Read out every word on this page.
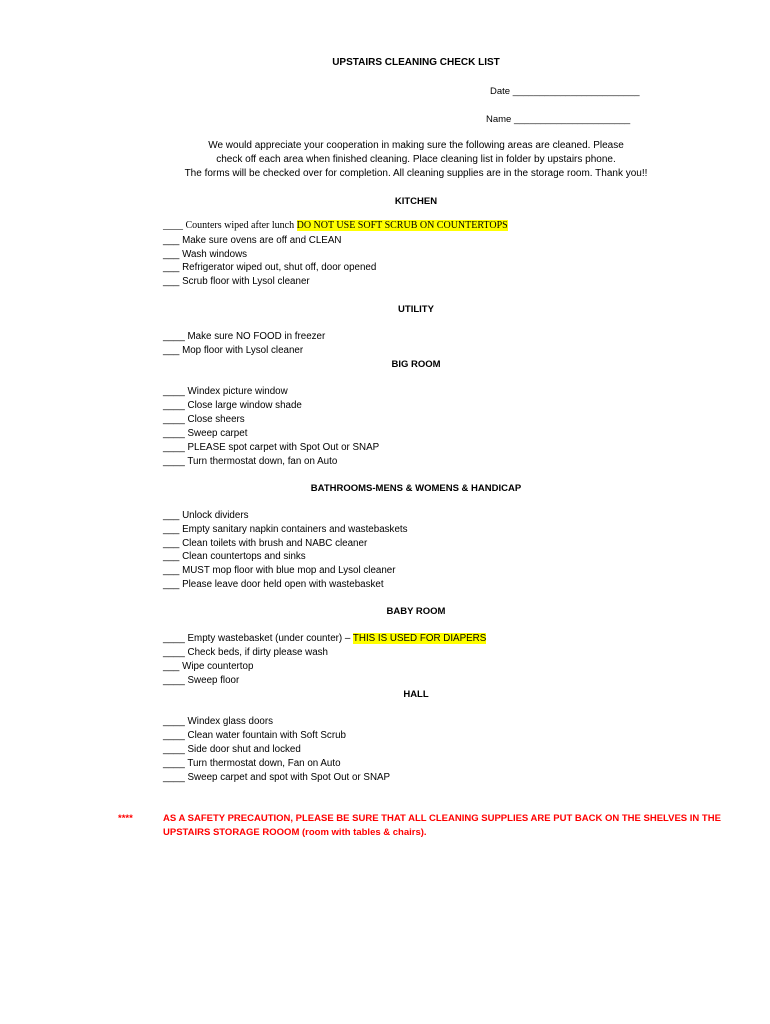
UPSTAIRS CLEANING CHECK LIST
Date ________________________
Name ______________________
We would appreciate your cooperation in making sure the following areas are cleaned. Please
check off each area when finished cleaning. Place cleaning list in folder by upstairs phone.
The forms will be checked over for completion. All cleaning supplies are in the storage room. Thank you!!
KITCHEN
____ Counters wiped after lunch DO NOT USE SOFT SCRUB ON COUNTERTOPS
___ Make sure ovens are off and CLEAN
___ Wash windows
___ Refrigerator wiped out, shut off, door opened
___ Scrub floor with Lysol cleaner
UTILITY
____ Make sure NO FOOD in freezer
___ Mop floor with Lysol cleaner
BIG ROOM
____ Windex picture window
____ Close large window shade
____ Close sheers
____ Sweep carpet
____ PLEASE spot carpet with Spot Out or SNAP
____ Turn thermostat down, fan on Auto
BATHROOMS-MENS & WOMENS & HANDICAP
___ Unlock dividers
___ Empty sanitary napkin containers and wastebaskets
___ Clean toilets with brush and NABC cleaner
___ Clean countertops and sinks
___ MUST mop floor with blue mop and Lysol cleaner
___ Please leave door held open with wastebasket
BABY ROOM
____ Empty wastebasket (under counter) – THIS IS USED FOR DIAPERS
____ Check beds, if dirty please wash
___ Wipe countertop
____ Sweep floor
HALL
____ Windex glass doors
____ Clean water fountain with Soft Scrub
____ Side door shut and locked
____ Turn thermostat down, Fan on Auto
____ Sweep carpet and spot with Spot Out or SNAP
****	AS A SAFETY PRECAUTION, PLEASE BE SURE THAT ALL CLEANING SUPPLIES ARE PUT BACK ON THE SHELVES IN THE
UPSTAIRS STORAGE ROOOM (room with tables & chairs).
